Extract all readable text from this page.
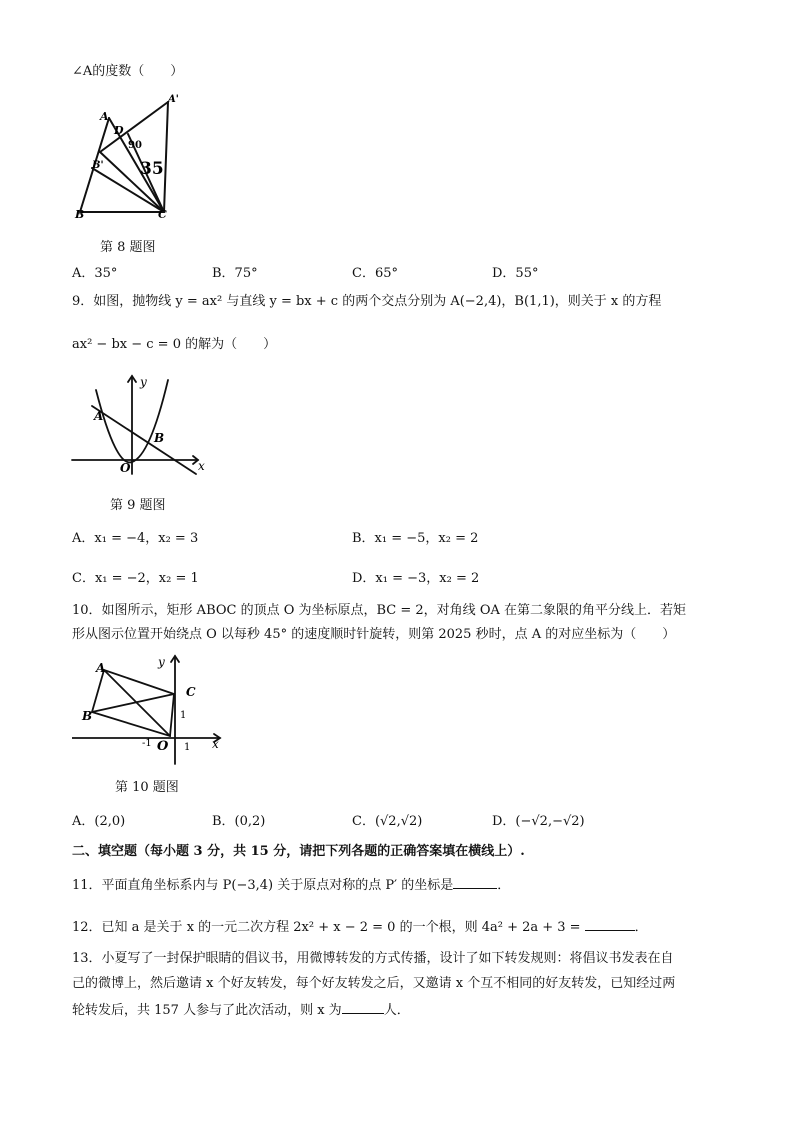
∠A的度数（　　）
A
A'
D
90
B' 35
B	C
第 8 题图
A．35°	B．75°	C．65°	D．55°
9．如图，抛物线 y = ax² 与直线 y = bx + c 的两个交点分别为 A(−2,4)，B(1,1)，则关于 x 的方程
ax² − bx − c = 0 的解为（　　）
A
B
O	x
y
第 9 题图
A．x₁ = −4，x₂ = 3	B．x₁ = −5，x₂ = 2
C．x₁ = −2，x₂ = 1	D．x₁ = −3，x₂ = 2
10．如图所示，矩形 ABOC 的顶点 O 为坐标原点，BC = 2，对角线 OA 在第二象限的角平分线上．若矩
形从图示位置开始绕点 O 以每秒 45° 的速度顺时针旋转，则第 2025 秒时，点 A 的对应坐标为（　　）
A
B
C
O	x
y
1
1
-1
第 10 题图
A．(2,0)	B．(0,2)	C．(√2,√2)	D．(−√2,−√2)
二、填空题（每小题 3 分，共 15 分，请把下列各题的正确答案填在横线上）.
11．平面直角坐标系内与 P(−3,4) 关于原点对称的点 P′ 的坐标是	．
12．已知 a 是关于 x 的一元二次方程 2x² + x − 2 = 0 的一个根，则 4a² + 2a + 3 =	．
13．小夏写了一封保护眼睛的倡议书，用微博转发的方式传播，设计了如下转发规则：将倡议书发表在自
己的微博上，然后邀请 x 个好友转发，每个好友转发之后，又邀请 x 个互不相同的好友转发，已知经过两
轮转发后，共 157 人参与了此次活动，则 x 为	人．
